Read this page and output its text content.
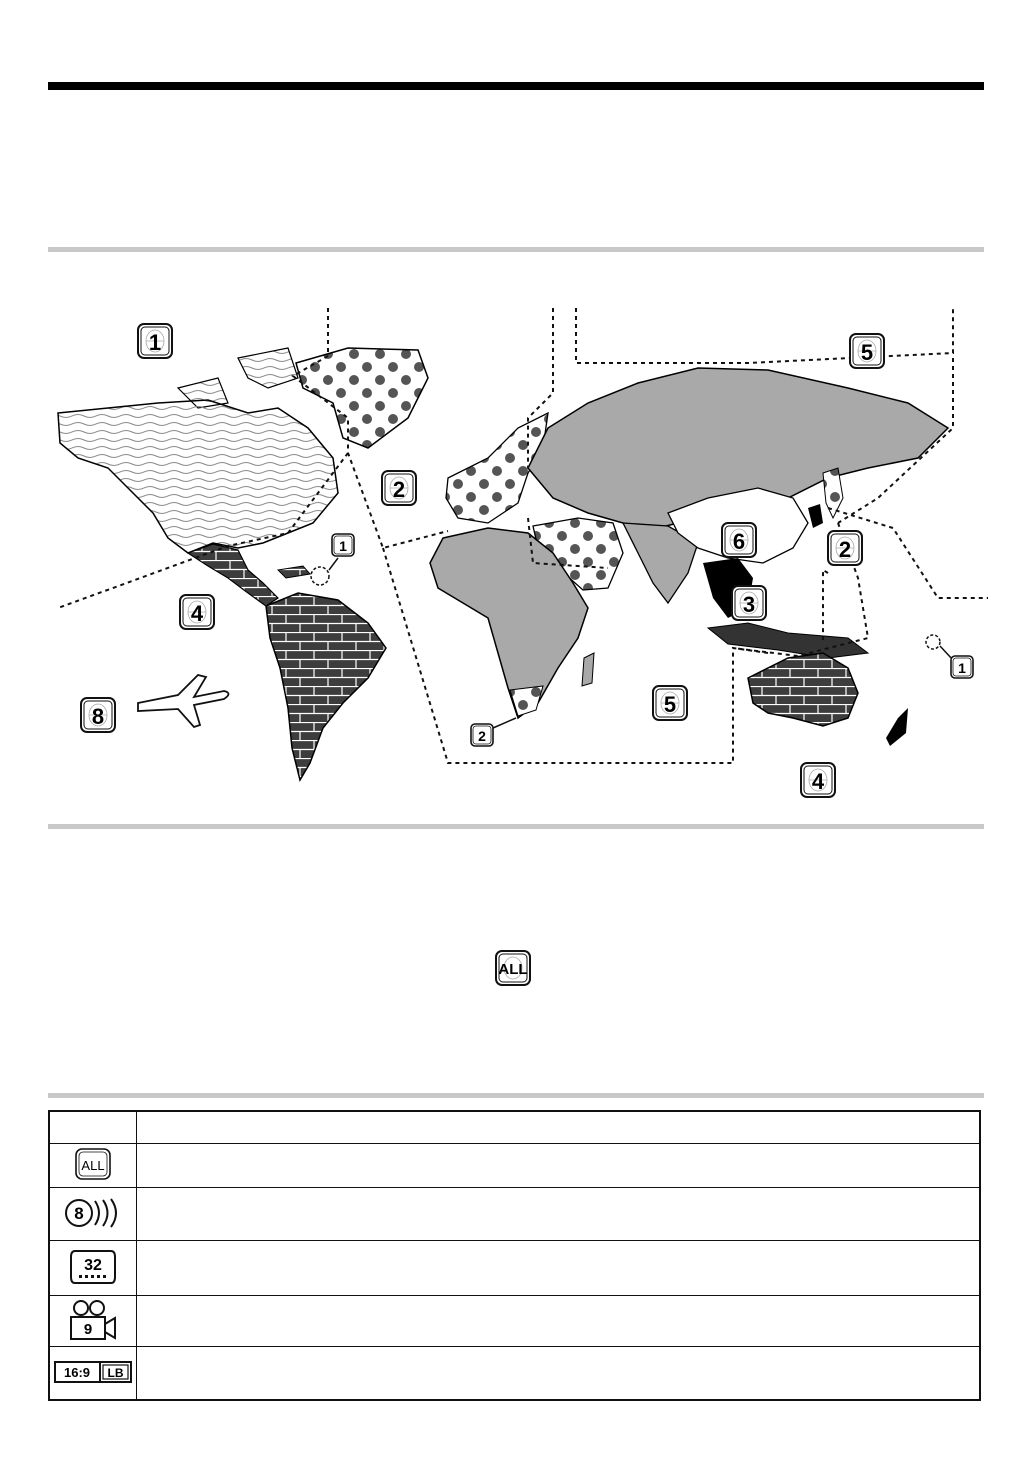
1	5
2
1	6	2
4	3
1
8	5
2
4
ALL

ALL	

8	

32	

9	

16:9 LB	
